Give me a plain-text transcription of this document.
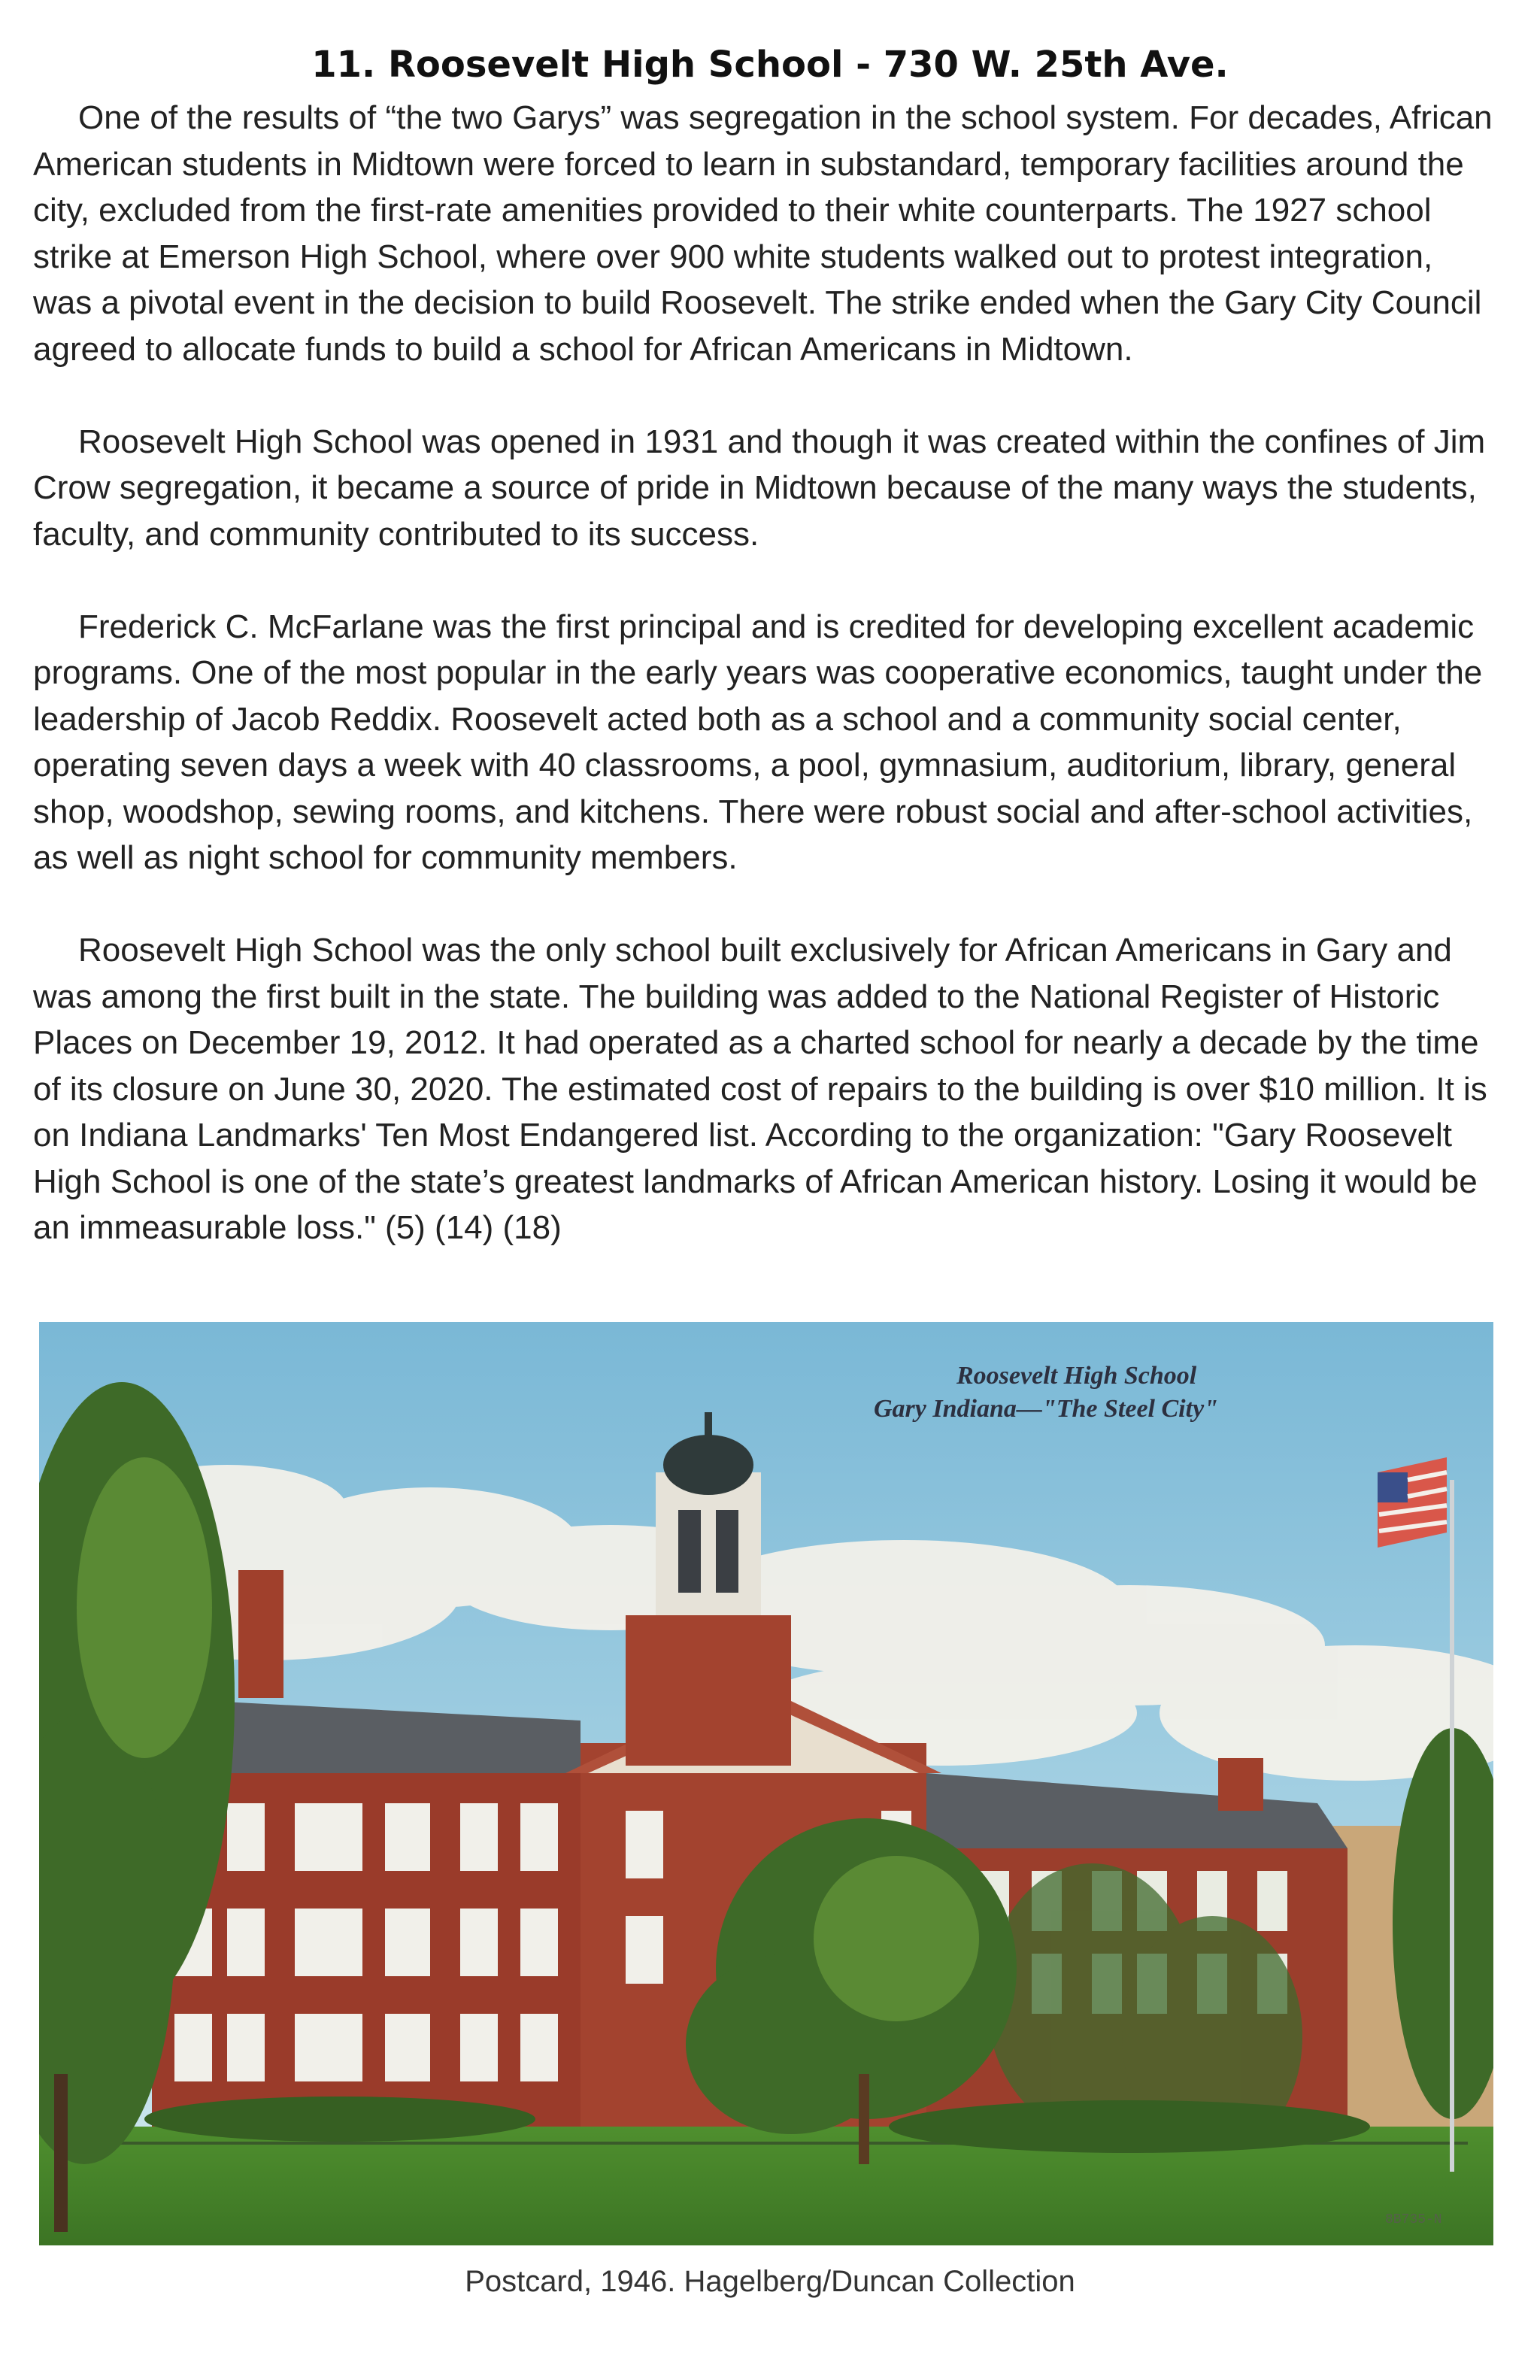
11. Roosevelt High School - 730 W. 25th Ave.

One of the results of “the two Garys” was segregation in the school system. For decades, African American students in Midtown were forced to learn in substandard, temporary facilities around the city, excluded from the first-rate amenities provided to their white counterparts. The 1927 school strike at Emerson High School, where over 900 white students walked out to protest integration, was a pivotal event in the decision to build Roosevelt. The strike ended when the Gary City Council agreed to allocate funds to build a school for African Americans in Midtown.

Roosevelt High School was opened in 1931 and though it was created within the confines of Jim Crow segregation, it became a source of pride in Midtown because of the many ways the students, faculty, and community contributed to its success.

Frederick C. McFarlane was the first principal and is credited for developing excellent academic programs. One of the most popular in the early years was cooperative economics, taught under the leadership of Jacob Reddix. Roosevelt acted both as a school and a community social center, operating seven days a week with 40 classrooms, a pool, gymnasium, auditorium, library, general shop, woodshop, sewing rooms, and kitchens. There were robust social and after-school activities, as well as night school for community members.

Roosevelt High School was the only school built exclusively for African Americans in Gary and was among the first built in the state. The building was added to the National Register of Historic Places on December 19, 2012. It had operated as a charted school for nearly a decade by the time of its closure on June 30, 2020. The estimated cost of repairs to the building is over $10 million. It is on Indiana Landmarks' Ten Most Endangered list. According to the organization: "Gary Roosevelt High School is one of the state’s greatest landmarks of African American history. Losing it would be an immeasurable loss." (5) (14) (18)

Roosevelt High School
Gary Indiana—"The Steel City"
8B735-N
Postcard, 1946. Hagelberg/Duncan Collection
